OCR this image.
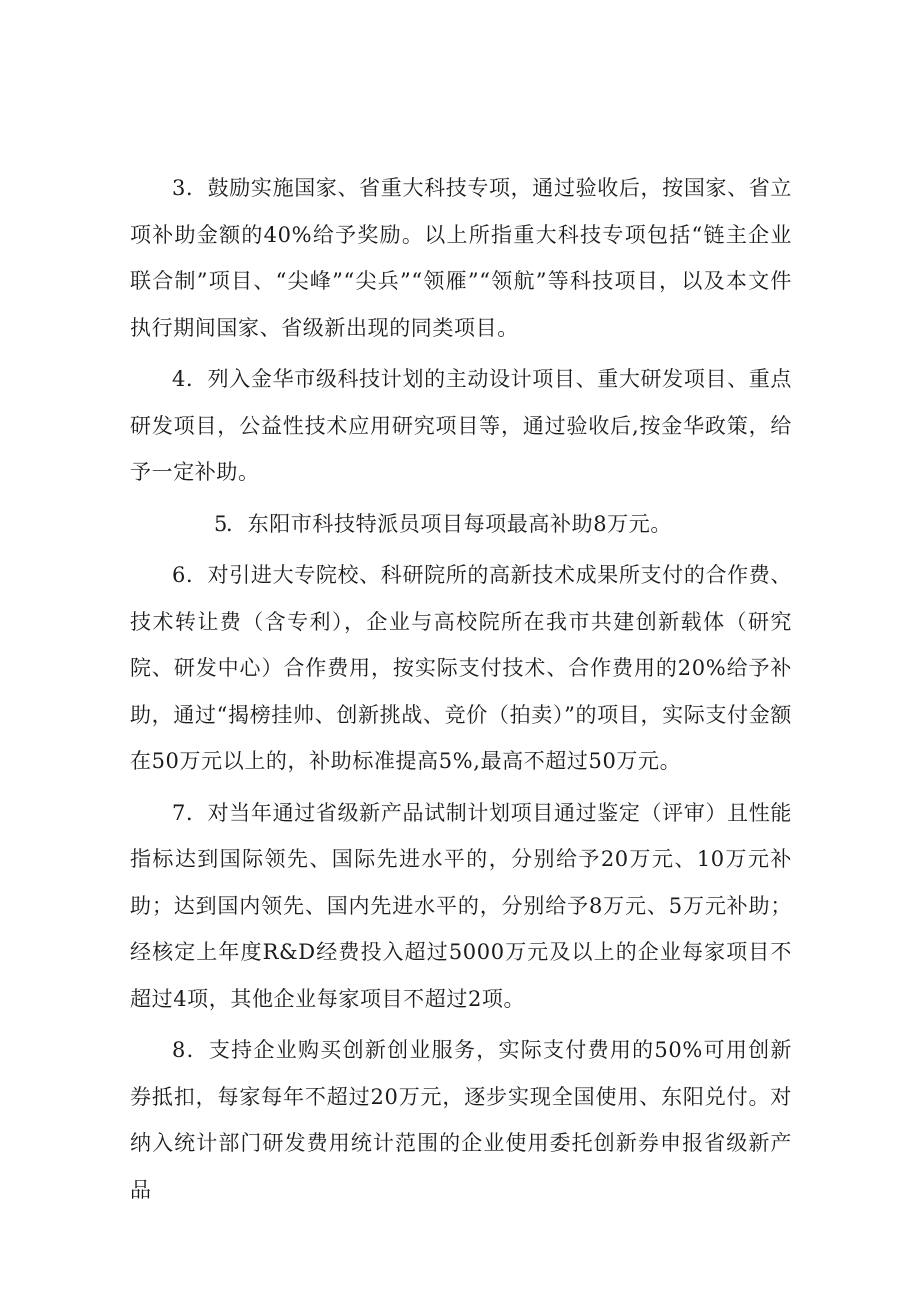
3．鼓励实施国家、省重大科技专项，通过验收后，按国家、省立项补助金额的40%给予奖励。以上所指重大科技专项包括“链主企业联合制”项目、“尖峰”“尖兵”“领雁”“领航”等科技项目，以及本文件执行期间国家、省级新出现的同类项目。

4．列入金华市级科技计划的主动设计项目、重大研发项目、重点研发项目，公益性技术应用研究项目等，通过验收后,按金华政策，给予一定补助。

5．东阳市科技特派员项目每项最高补助8万元。

6．对引进大专院校、科研院所的高新技术成果所支付的合作费、技术转让费（含专利），企业与高校院所在我市共建创新载体（研究院、研发中心）合作费用，按实际支付技术、合作费用的20%给予补助，通过“揭榜挂帅、创新挑战、竞价（拍卖）”的项目，实际支付金额在50万元以上的，补助标准提高5%,最高不超过50万元。

7．对当年通过省级新产品试制计划项目通过鉴定（评审）且性能指标达到国际领先、国际先进水平的，分别给予20万元、10万元补助；达到国内领先、国内先进水平的，分别给予8万元、5万元补助；经核定上年度R&D经费投入超过5000万元及以上的企业每家项目不超过4项，其他企业每家项目不超过2项。

8．支持企业购买创新创业服务，实际支付费用的50%可用创新券抵扣，每家每年不超过20万元，逐步实现全国使用、东阳兑付。对纳入统计部门研发费用统计范围的企业使用委托创新券申报省级新产品
